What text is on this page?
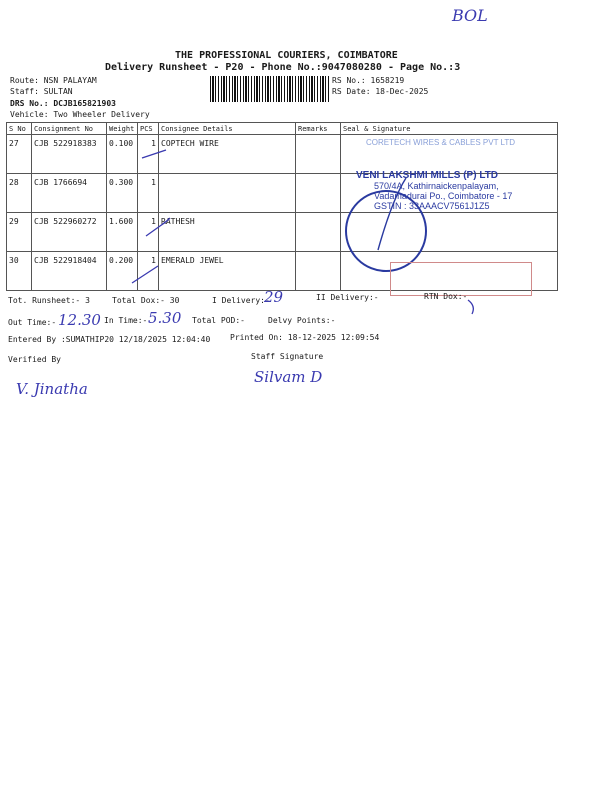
BOL
THE PROFESSIONAL COURIERS, COIMBATORE
Delivery Runsheet - P20 - Phone No.:9047080280 - Page No.:3
Route: NSN PALAYAM
Staff: SULTAN
DRS No.: DCJB165821903
Vehicle: Two Wheeler Delivery
RS No.: 1658219
RS Date: 18-Dec-2025
S No	Consignment No	Weight	PCS	Consignee Details	Remarks	Seal & Signature
27	CJB 522918383	0.100	1	COPTECH WIRE		
28	CJB 1766694	0.300	1			
29	CJB 522960272	1.600	1	RATHESH		
30	CJB 522918404	0.200	1	EMERALD JEWEL		
CORETECH WIRES & CABLES PVT LTD
VENI LAKSHMI MILLS (P) LTD
570/4A, Kathirnaickenpalayam,
Vadamadurai Po., Coimbatore - 17
GSTIN : 33AAACV7561J1Z5
Tot. Runsheet:- 3	Total Dox:- 30	I Delivery:-
29	II Delivery:-	RTN Dox:-
Out Time:- 12.30 In Time:- 5.30 Total POD:-	Delvy Points:-
Entered By :SUMATHIP20 12/18/2025 12:04:40 Printed On: 18-12-2025 12:09:54
Verified By	Staff Signature
V. Jinatha
Silvam D
